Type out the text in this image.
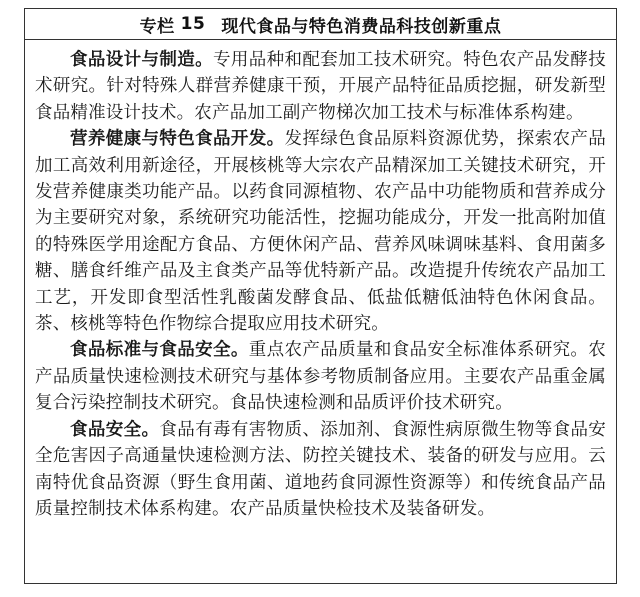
专栏 15 现代食品与特色消费品科技创新重点

食品设计与制造。专用品种和配套加工技术研究。特色农产品发酵技术研究。针对特殊人群营养健康干预，开展产品特征品质挖掘，研发新型食品精准设计技术。农产品加工副产物梯次加工技术与标准体系构建。

营养健康与特色食品开发。发挥绿色食品原料资源优势，探索农产品加工高效利用新途径，开展核桃等大宗农产品精深加工关键技术研究，开发营养健康类功能产品。以药食同源植物、农产品中功能物质和营养成分为主要研究对象，系统研究功能活性，挖掘功能成分，开发一批高附加值的特殊医学用途配方食品、方便休闲产品、营养风味调味基料、食用菌多糖、膳食纤维产品及主食类产品等优特新产品。改造提升传统农产品加工工艺，开发即食型活性乳酸菌发酵食品、低盐低糖低油特色休闲食品。茶、核桃等特色作物综合提取应用技术研究。

食品标准与食品安全。重点农产品质量和食品安全标准体系研究。农产品质量快速检测技术研究与基体参考物质制备应用。主要农产品重金属复合污染控制技术研究。食品快速检测和品质评价技术研究。

食品安全。食品有毒有害物质、添加剂、食源性病原微生物等食品安全危害因子高通量快速检测方法、防控关键技术、装备的研发与应用。云南特优食品资源（野生食用菌、道地药食同源性资源等）和传统食品产品质量控制技术体系构建。农产品质量快检技术及装备研发。
